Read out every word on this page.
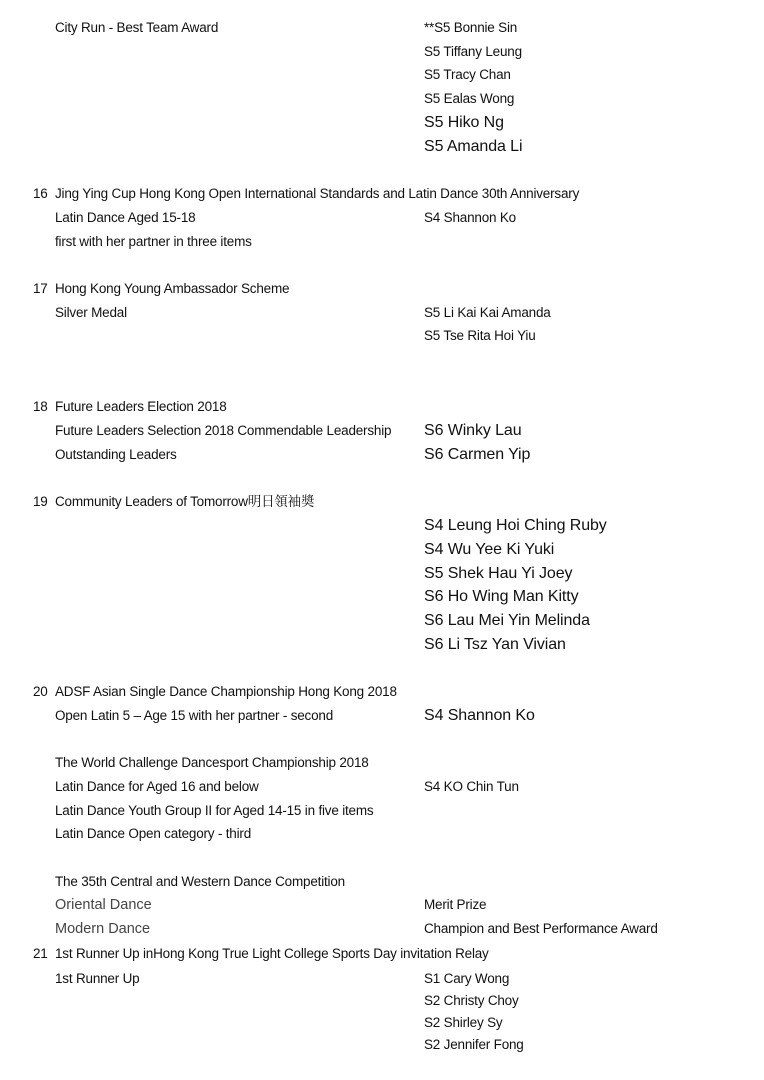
City Run - Best Team Award	**S5 Bonnie Sin
S5 Tiffany Leung
S5 Tracy Chan
S5 Ealas Wong
S5 Hiko Ng
S5 Amanda Li
16 Jing Ying Cup Hong Kong Open International Standards and Latin Dance 30th Anniversary
Latin Dance Aged 15-18	S4 Shannon Ko
first with her partner in three items
17 Hong Kong Young Ambassador Scheme
Silver Medal	S5 Li Kai Kai Amanda
S5 Tse Rita Hoi Yiu
18 Future Leaders Election 2018
Future Leaders Selection 2018 Commendable Leadership S6 Winky Lau
Outstanding Leaders	S6 Carmen Yip
19 Community Leaders of Tomorrow明日領袖奬
S4 Leung Hoi Ching Ruby
S4 Wu Yee Ki Yuki
S5 Shek Hau Yi Joey
S6 Ho Wing Man Kitty
S6 Lau Mei Yin Melinda
S6 Li Tsz Yan Vivian
20 ADSF Asian Single Dance Championship Hong Kong 2018
Open Latin 5 – Age 15 with her partner - second	S4 Shannon Ko
The World Challenge Dancesport Championship 2018
Latin Dance for Aged 16 and below	S4 KO Chin Tun
Latin Dance Youth Group II for Aged 14-15 in five items
Latin Dance Open category - third
The 35th Central and Western Dance Competition
Oriental Dance	Merit Prize
Modern Dance	Champion and Best Performance Award
21 1st Runner Up inHong Kong True Light College Sports Day invitation Relay
1st Runner Up	S1 Cary Wong
S2 Christy Choy
S2 Shirley Sy
S2 Jennifer Fong
